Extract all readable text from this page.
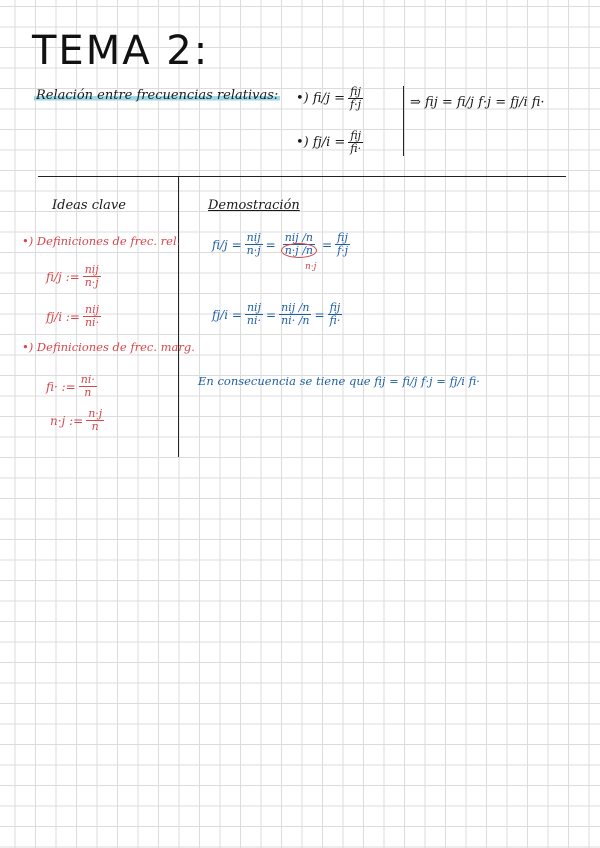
TEMA 2:
Relación entre frecuencias relativas: •)
$fi/j = \frac{\text{fij}}{f\cdot j}$
•)
$fj/i = \frac{\text{fij}}{fi\cdot}$
⇒ fij = fi/j f·j = fj/i fi·
Ideas clave
•) Definiciones de frec. rel.
fi/j := $\frac{\text{nij}}{n\cdot j}$
fj/i := $\frac{\text{nij}}{ni\cdot}$
•) Definiciones de frec. marg.
fi· := $\frac{ni\cdot}{n}$
n·j := $\frac{n\cdot j}{n}$
Demostración
$fi/j = \frac{\text{nij}}{n\cdot j} = \frac{\text{nij /n}}{n\cdot j /n} = \frac{\text{fij}}{f\cdot j}$
n·j
$fj/i = \frac{\text{nij}}{ni\cdot} = \frac{\text{nij /n}}{ni\cdot /n} = \frac{\text{fij}}{fi\cdot}$
En consecuencia se tiene que fij = fi/j f·j = fj/i fi·
